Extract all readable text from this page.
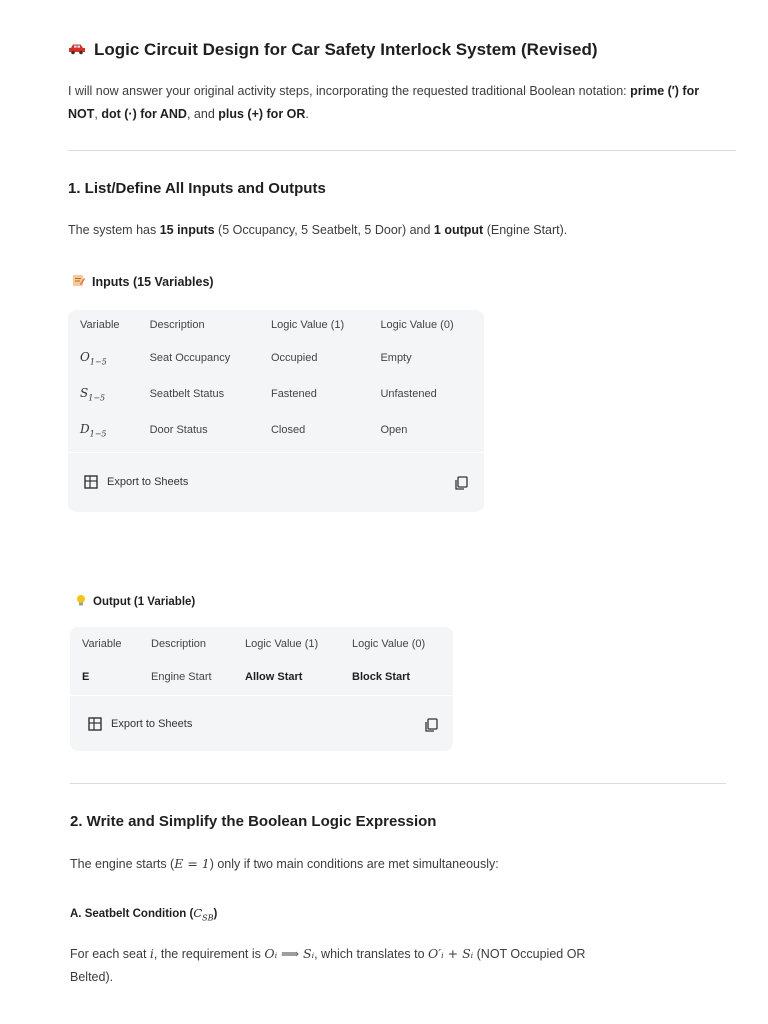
Logic Circuit Design for Car Safety Interlock System (Revised)
I will now answer your original activity steps, incorporating the requested traditional Boolean notation: prime (′) for NOT, dot (·) for AND, and plus (+) for OR.
1. List/Define All Inputs and Outputs
The system has 15 inputs (5 Occupancy, 5 Seatbelt, 5 Door) and 1 output (Engine Start).
Inputs (15 Variables)
Variable	Description	Logic Value (1)	Logic Value (0)
$O_{1-5}$	Seat Occupancy	Occupied	Empty
$S_{1-5}$	Seatbelt Status	Fastened	Unfastened
$D_{1-5}$	Door Status	Closed	Open
Export to Sheets
Output (1 Variable)
Variable	Description	Logic Value (1)	Logic Value (0)
E	Engine Start	Allow Start	Block Start
Export to Sheets
2. Write and Simplify the Boolean Logic Expression
The engine starts (E = 1) only if two main conditions are met simultaneously:
A. Seatbelt Condition $(C_{SB})$
For each seat i, the requirement is Oᵢ ⟹ Sᵢ, which translates to O′ᵢ + Sᵢ (NOT Occupied OR
Belted).
